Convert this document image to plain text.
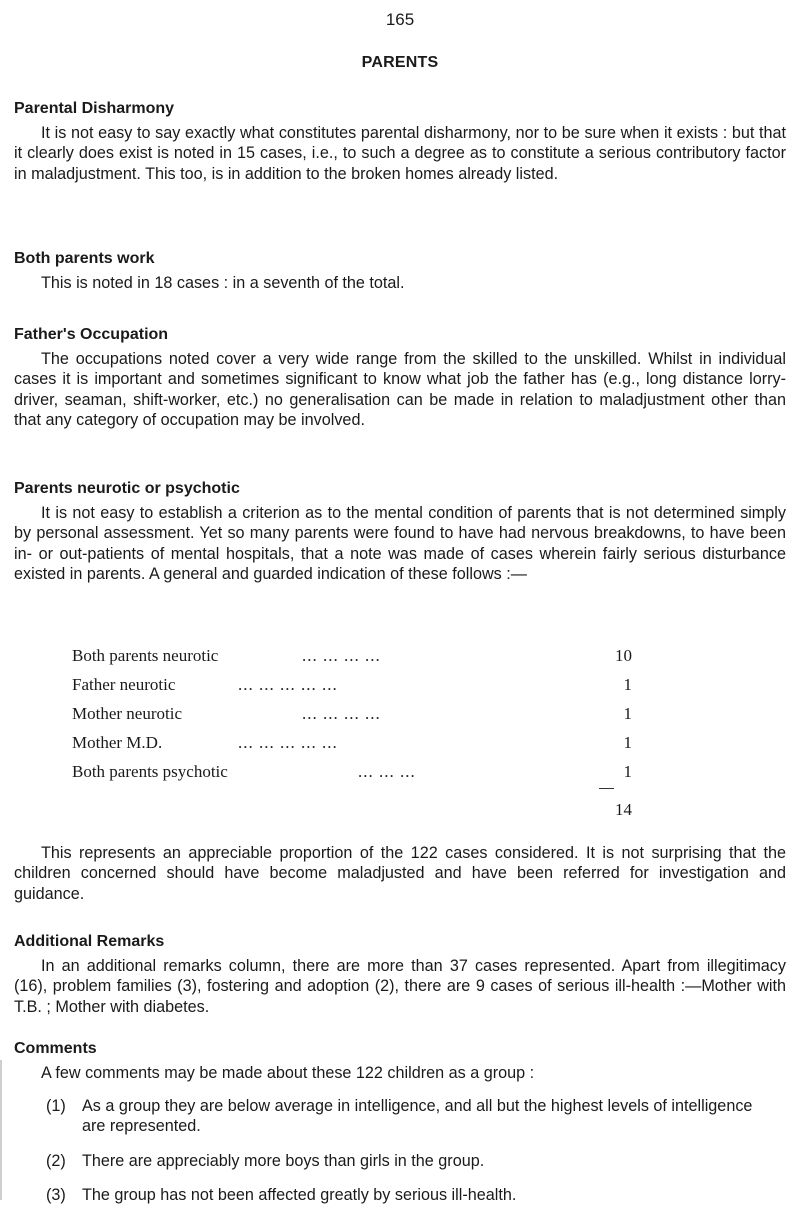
165
PARENTS
Parental Disharmony

It is not easy to say exactly what constitutes parental disharmony, nor to be sure when it exists : but that it clearly does exist is noted in 15 cases, i.e., to such a degree as to constitute a serious contributory factor in maladjustment. This too, is in addition to the broken homes already listed.

Both parents work

This is noted in 18 cases : in a seventh of the total.

Father's Occupation

The occupations noted cover a very wide range from the skilled to the unskilled. Whilst in individual cases it is important and sometimes significant to know what job the father has (e.g., long distance lorry-driver, seaman, shift-worker, etc.) no generalisation can be made in relation to maladjustment other than that any category of occupation may be involved.

Parents neurotic or psychotic

It is not easy to establish a criterion as to the mental condition of parents that is not determined simply by personal assessment. Yet so many parents were found to have had nervous breakdowns, to have been in- or out-patients of mental hospitals, that a note was made of cases wherein fairly serious disturbance existed in parents. A general and guarded indication of these follows :—

Both parents neurotic	... ... ... ...	10
Father neurotic	... ... ... ... ...	1
Mother neurotic	... ... ... ...	1
Mother M.D.	... ... ... ... ...	1
Both parents psychotic	... ... ...	1
14

This represents an appreciable proportion of the 122 cases considered. It is not surprising that the children concerned should have become maladjusted and have been referred for investigation and guidance.

Additional Remarks

In an additional remarks column, there are more than 37 cases represented. Apart from illegitimacy (16), problem families (3), fostering and adoption (2), there are 9 cases of serious ill-health :—Mother with T.B. ; Mother with diabetes.

Comments

A few comments may be made about these 122 children as a group :

(1) As a group they are below average in intelligence, and all but the highest levels of intelligence are represented.
(2) There are appreciably more boys than girls in the group.
(3) The group has not been affected greatly by serious ill-health.
